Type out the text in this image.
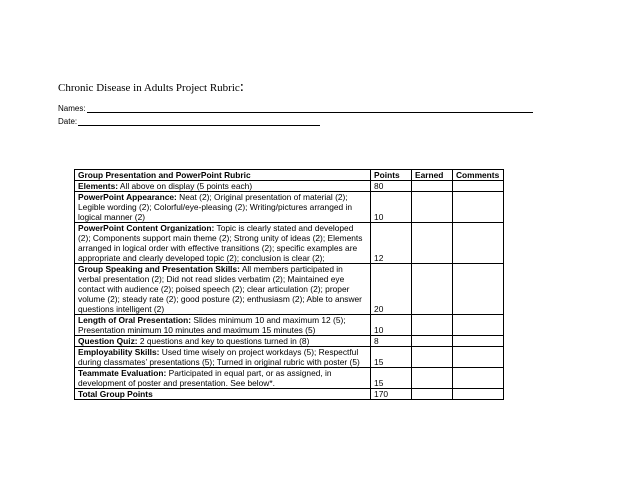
Chronic Disease in Adults Project Rubric:
Names:
Date:
Group Presentation and PowerPoint Rubric	Points	Earned	Comments
Elements: All above on display (5 points each)	80		
PowerPoint Appearance: Neat (2); Original presentation of material (2); Legible wording (2); Colorful/eye-pleasing (2); Writing/pictures arranged in logical manner (2)	10		
PowerPoint Content Organization: Topic is clearly stated and developed (2); Components support main theme (2); Strong unity of ideas (2); Elements arranged in logical order with effective transitions (2); specific examples are appropriate and clearly developed topic (2); conclusion is clear (2);	12		
Group Speaking and Presentation Skills: All members participated in verbal presentation (2); Did not read slides verbatim (2); Maintained eye contact with audience (2); poised speech (2); clear articulation (2); proper volume (2); steady rate (2); good posture (2); enthusiasm (2); Able to answer questions intelligent (2)	20		
Length of Oral Presentation: Slides minimum 10 and maximum 12 (5); Presentation minimum 10 minutes and maximum 15 minutes (5)	10		
Question Quiz: 2 questions and key to questions turned in (8)	8		
Employability Skills: Used time wisely on project workdays (5); Respectful during classmates’ presentations (5); Turned in original rubric with poster (5)	15		
Teammate Evaluation: Participated in equal part, or as assigned, in development of poster and presentation. See below*.	15		
Total Group Points	170		
